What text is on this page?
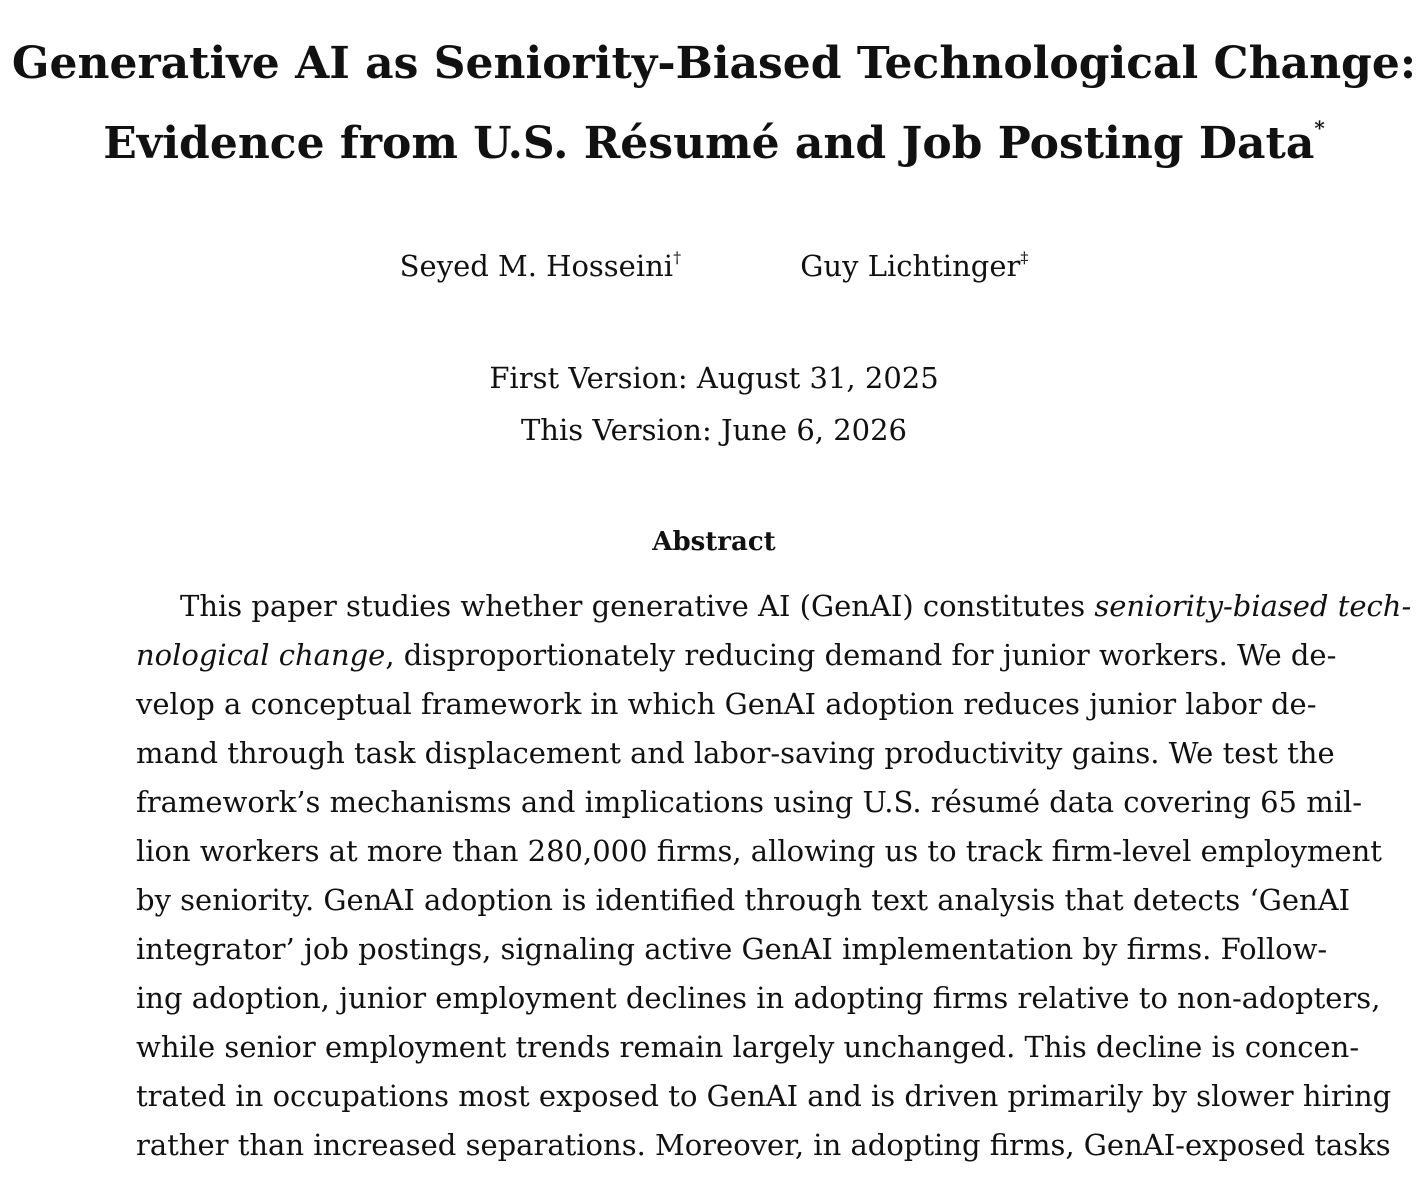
Generative AI as Seniority-Biased Technological Change:
Evidence from U.S. Résumé and Job Posting Data*
Seyed M. Hosseini†	Guy Lichtinger‡
First Version: August 31, 2025
This Version: June 6, 2026
Abstract
This paper studies whether generative AI (GenAI) constitutes seniority-biased tech-
nological change, disproportionately reducing demand for junior workers. We de-
velop a conceptual framework in which GenAI adoption reduces junior labor de-
mand through task displacement and labor-saving productivity gains. We test the
framework’s mechanisms and implications using U.S. résumé data covering 65 mil-
lion workers at more than 280,000 firms, allowing us to track firm-level employment
by seniority. GenAI adoption is identified through text analysis that detects ‘GenAI
integrator’ job postings, signaling active GenAI implementation by firms. Follow-
ing adoption, junior employment declines in adopting firms relative to non-adopters,
while senior employment trends remain largely unchanged. This decline is concen-
trated in occupations most exposed to GenAI and is driven primarily by slower hiring
rather than increased separations. Moreover, in adopting firms, GenAI-exposed tasks
